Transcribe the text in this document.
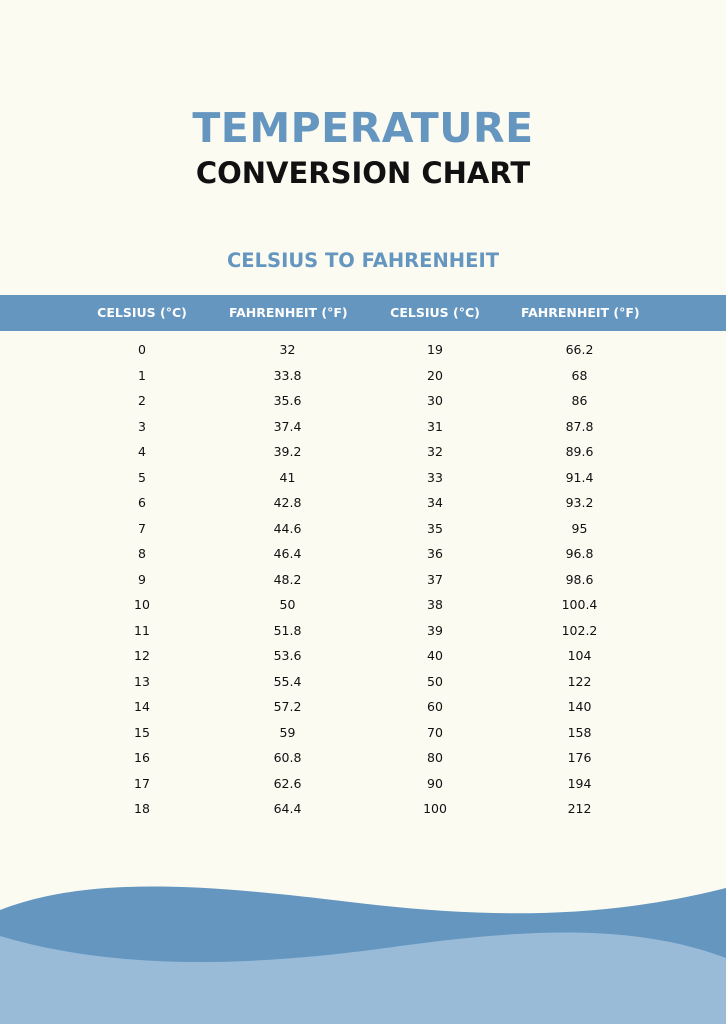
TEMPERATURE
CONVERSION CHART
CELSIUS TO FAHRENHEIT
CELSIUS (°C)	FAHRENHEIT (°F)	CELSIUS (°C)	FAHRENHEIT (°F)
0	32	19	66.2
1	33.8	20	68
2	35.6	30	86
3	37.4	31	87.8
4	39.2	32	89.6
5	41	33	91.4
6	42.8	34	93.2
7	44.6	35	95
8	46.4	36	96.8
9	48.2	37	98.6
10	50	38	100.4
11	51.8	39	102.2
12	53.6	40	104
13	55.4	50	122
14	57.2	60	140
15	59	70	158
16	60.8	80	176
17	62.6	90	194
18	64.4	100	212
